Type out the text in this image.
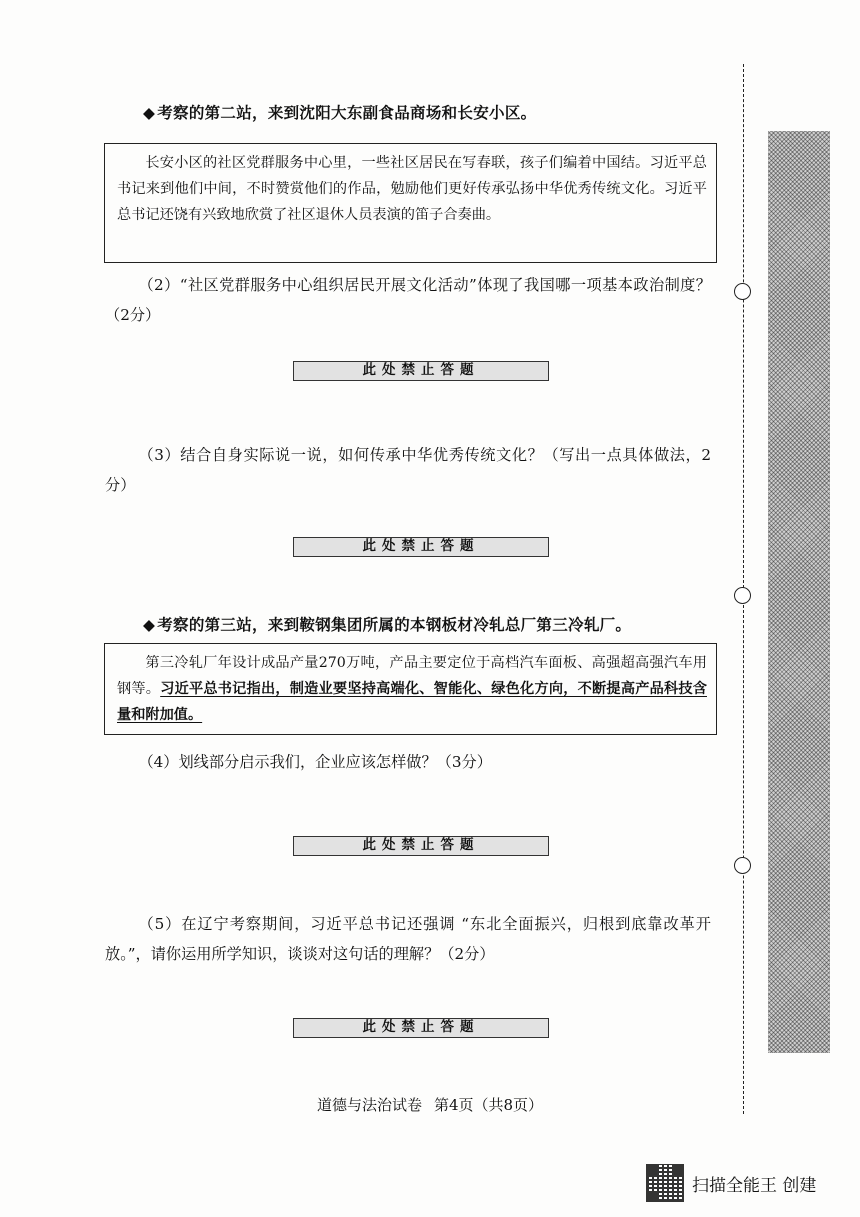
◆ 考察的第二站，来到沈阳大东副食品商场和长安小区。
长安小区的社区党群服务中心里，一些社区居民在写春联，孩子们编着中国结。习近平总书记来到他们中间，不时赞赏他们的作品，勉励他们更好传承弘扬中华优秀传统文化。习近平总书记还饶有兴致地欣赏了社区退休人员表演的笛子合奏曲。
（2）“社区党群服务中心组织居民开展文化活动”体现了我国哪一项基本政治制度？（2分）
此处禁止答题
（3）结合自身实际说一说，如何传承中华优秀传统文化？（写出一点具体做法，2分）
此处禁止答题
◆ 考察的第三站，来到鞍钢集团所属的本钢板材冷轧总厂第三冷轧厂。
第三冷轧厂年设计成品产量270万吨，产品主要定位于高档汽车面板、高强超高强汽车用钢等。习近平总书记指出，制造业要坚持高端化、智能化、绿色化方向，不断提高产品科技含量和附加值。
（4）划线部分启示我们，企业应该怎样做？（3分）
此处禁止答题
（5）在辽宁考察期间，习近平总书记还强调 “东北全面振兴，归根到底靠改革开放。”，请你运用所学知识，谈谈对这句话的理解？（2分）
此处禁止答题
道德与法治试卷 第4页（共8页）
扫描全能王 创建
